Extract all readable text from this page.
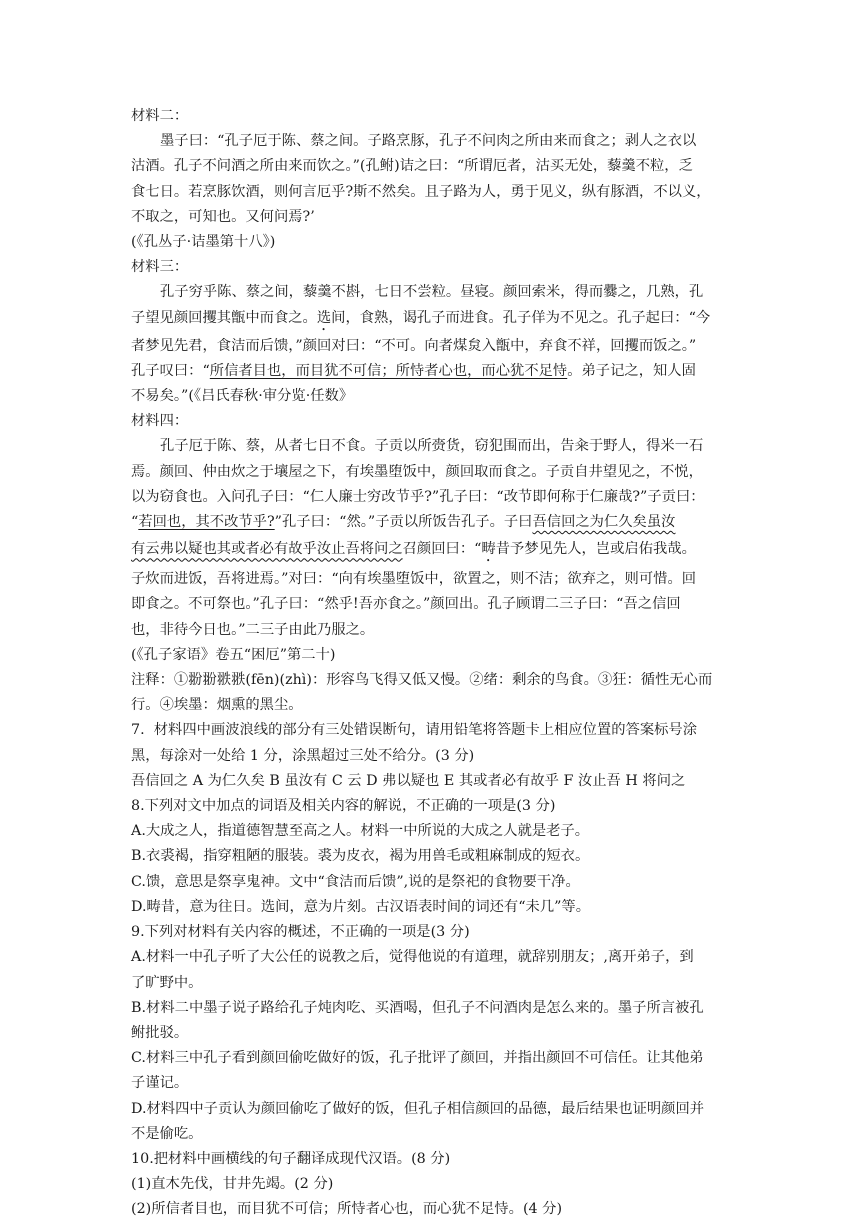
材料二：
墨子曰：“孔子厄于陈、蔡之间。子路烹豚，孔子不问肉之所由来而食之；剥人之衣以
沽酒。孔子不问酒之所由来而饮之。”(孔鲋)诘之曰：“所谓厄者，沽买无处，藜羹不粒，乏
食七日。若烹豚饮酒，则何言厄乎?斯不然矣。且子路为人，勇于见义，纵有豚酒，不以义，
不取之，可知也。又何问焉?’
(《孔丛子·诘墨第十八》)
材料三：
孔子穷乎陈、蔡之间，藜羹不斟，七日不尝粒。昼寝。颜回索米，得而爨之，几熟，孔
子望见颜回攫其甑中而食之。选间，食熟，谒孔子而进食。孔子佯为不见之。孔子起曰：“今
者梦见先君，食洁而后馈，”颜回对曰：“不可。向者煤炱入甑中，弃食不祥，回攫而饭之。”
孔子叹曰：“所信者目也，而目犹不可信；所恃者心也，而心犹不足恃。弟子记之，知人固
不易矣。”(《吕氏春秋·审分览·任数》
材料四：
孔子厄于陈、蔡，从者七日不食。子贡以所赍货，窃犯围而出，告籴于野人，得米一石
焉。颜回、仲由炊之于壤屋之下，有埃墨堕饭中，颜回取而食之。子贡自井望见之，不悦，
以为窃食也。入问孔子曰：“仁人廉士穷改节乎?”孔子曰：“改节即何称于仁廉哉?”子贡曰：
“若回也，其不改节乎?”孔子曰：“然。”子贡以所饭告孔子。子曰吾信回之为仁久矣虽汝
有云弗以疑也其或者必有故乎汝止吾将问之召颜回曰：“畴昔予梦见先人，岂或启佑我哉。
子炊而进饭，吾将进焉。”对曰：“向有埃墨堕饭中，欲置之，则不洁；欲弃之，则可惜。回
即食之。不可祭也。”孔子曰：“然乎!吾亦食之。”颜回出。孔子顾谓二三子曰：“吾之信回
也，非待今日也。”二三子由此乃服之。
(《孔子家语》卷五“困厄”第二十)
注释：①翂翂翐翐(fēn)(zhì)：形容鸟飞得又低又慢。②绪：剩余的鸟食。③狂：循性无心而
行。④埃墨：烟熏的黑尘。
7.  材料四中画波浪线的部分有三处错误断句，请用铅笔将答题卡上相应位置的答案标号涂
黑，每涂对一处给 1 分，涂黑超过三处不给分。(3 分)
吾信回之 A 为仁久矣 B 虽汝有 C 云 D 弗以疑也 E 其或者必有故乎 F 汝止吾 H 将问之
8.下列对文中加点的词语及相关内容的解说，不正确的一项是(3 分)
A.大成之人，指道德智慧至高之人。材料一中所说的大成之人就是老子。
B.衣裘褐，指穿粗陋的服装。裘为皮衣，褐为用兽毛或粗麻制成的短衣。
C.馈，意思是祭享鬼神。文中“食洁而后馈”,说的是祭祀的食物要干净。
D.畴昔，意为往日。选间，意为片刻。古汉语表时间的词还有“未几”等。
9.下列对材料有关内容的概述，不正确的一项是(3 分)
A.材料一中孔子听了大公任的说教之后，觉得他说的有道理，就辞别朋友；,离开弟子，到
了旷野中。
B.材料二中墨子说子路给孔子炖肉吃、买酒喝，但孔子不问酒肉是怎么来的。墨子所言被孔
鲋批驳。
C.材料三中孔子看到颜回偷吃做好的饭，孔子批评了颜回，并指出颜回不可信任。让其他弟
子谨记。
D.材料四中子贡认为颜回偷吃了做好的饭，但孔子相信颜回的品德，最后结果也证明颜回并
不是偷吃。
10.把材料中画横线的句子翻译成现代汉语。(8 分)
(1)直木先伐，甘井先竭。(2 分)
(2)所信者目也，而目犹不可信；所恃者心也，而心犹不足恃。(4 分)
